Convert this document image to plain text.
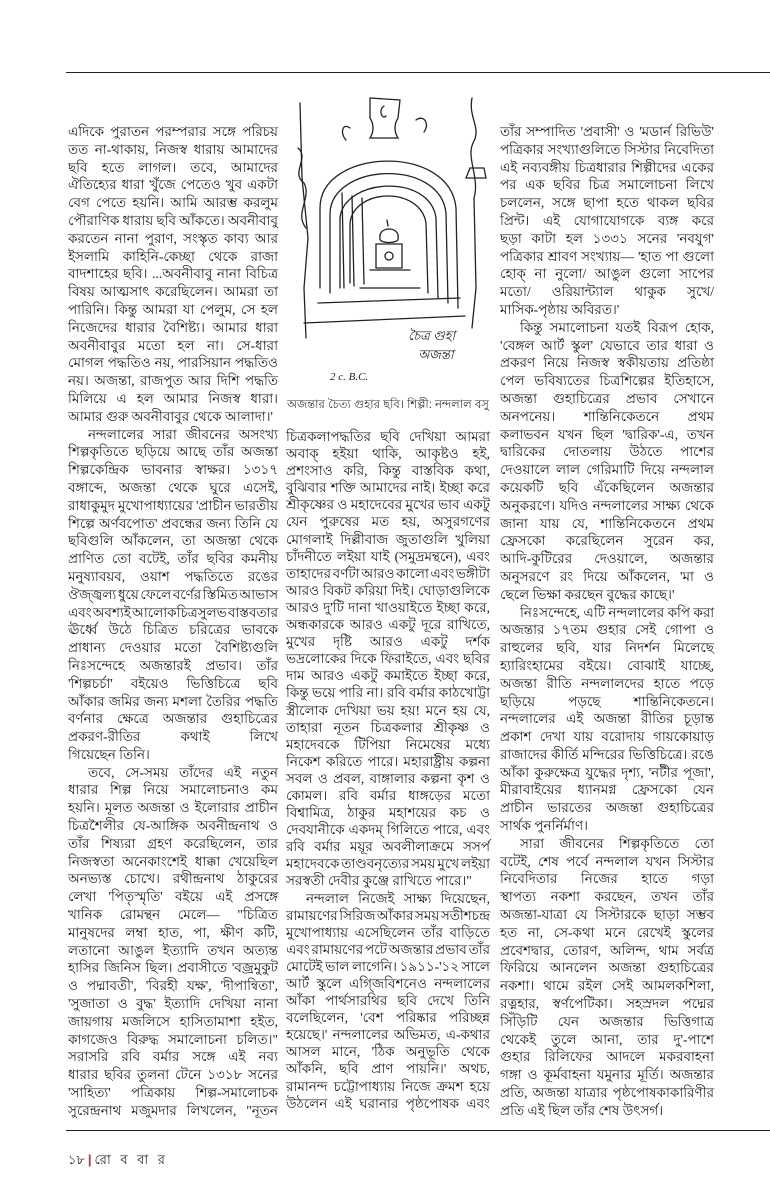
চৈত্র গুহা
অজন্তা
2 c. B.C.
অজন্তার চৈত্য গুহার ছবি। শিল্পী: নন্দলাল বসু
এদিকে পুরাতন পরম্পরার সঙ্গে পরিচয়
তত না-থাকায়, নিজস্ব ধারায় আমাদের
ছবি হতে লাগল। তবে, আমাদের
ঐতিহ্যের ধারা খুঁজে পেতেও খুব একটা
বেগ পেতে হয়নি। আমি আরম্ভ করলুম
পৌরাণিক ধারায় ছবি আঁকতে। অবনীবাবু
করতেন নানা পুরাণ, সংস্কৃত কাব্য আর
ইসলামি কাহিনি-কেচ্ছা থেকে রাজা
বাদশাহের ছবি। ...অবনীবাবু নানা বিচিত্র
বিষয় আত্মসাৎ করেছিলেন। আমরা তা
পারিনি। কিন্তু আমরা যা পেলুম, সে হল
নিজেদের ধারার বৈশিষ্ট্য। আমার ধারা
অবনীবাবুর মতো হল না। সে-ধারা
মোগল পদ্ধতিও নয়, পারসিয়ান পদ্ধতিও
নয়। অজন্তা, রাজপুত আর দিশি পদ্ধতি
মিলিয়ে এ হল আমার নিজস্ব ধারা।
আমার গুরু অবনীবাবুর থেকে আলাদা।'
নন্দলালের সারা জীবনের অসংখ্য
শিল্পকৃতিতে ছড়িয়ে আছে তাঁর অজন্তা
শিল্পকেন্দ্রিক ভাবনার স্বাক্ষর। ১৩১৭
বঙ্গাব্দে, অজন্তা থেকে ঘুরে এসেই,
রাধাকুমুদ মুখোপাধ্যায়ের 'প্রাচীন ভারতীয়
শিল্পে অর্ণবপোত' প্রবন্ধের জন্য তিনি যে
ছবিগুলি আঁকলেন, তা অজন্তা থেকে
প্রাণিত তো বটেই, তাঁর ছবির কমনীয়
মনুষ্যাবয়ব, ওয়াশ পদ্ধতিতে রঙের
ঔজ্জ্বল্য ধুয়ে ফেলে বর্ণের স্তিমিত আভাস
এবং অবশ্যই আলোকচিত্রসুলভ বাস্তবতার
ঊর্ধ্বে উঠে চিত্রিত চরিত্রের ভাবকে
প্রাধান্য দেওয়ার মতো বৈশিষ্ট্যগুলি
নিঃসন্দেহে অজন্তারই প্রভাব। তাঁর
'শিল্পচর্চা' বইয়েও ভিত্তিচিত্রে ছবি
আঁকার জমির জন্য মশলা তৈরির পদ্ধতি
বর্ণনার ক্ষেত্রে অজন্তার গুহাচিত্রের
প্রকরণ-রীতির কথাই লিখে
গিয়েছেন তিনি।
তবে, সে-সময় তাঁদের এই নতুন
ধারার শিল্প নিয়ে সমালোচনাও কম
হয়নি। মূলত অজন্তা ও ইলোরার প্রাচীন
চিত্রশৈলীর যে-আঙ্গিক অবনীন্দ্রনাথ ও
তাঁর শিষ্যরা গ্রহণ করেছিলেন, তার
নিজস্বতা অনেকাংশেই ধাক্কা খেয়েছিল
অনভ্যস্ত চোখে। রথীন্দ্রনাথ ঠাকুরের
লেখা 'পিতৃস্মৃতি' বইয়ে এই প্রসঙ্গে
খানিক রোমন্থন মেলে— "চিত্রিত
মানুষদের লম্বা হাত, পা, ক্ষীণ কটি,
লতানো আঙুল ইত্যাদি তখন অত্যন্ত
হাসির জিনিস ছিল। প্রবাসীতে 'বজ্রমুকুট
ও পদ্মাবতী', 'বিরহী যক্ষ', 'দীপান্বিতা',
'সুজাতা ও বুদ্ধ' ইত্যাদি দেখিয়া নানা
জায়গায় মজলিসে হাসিতামাশা হইত,
কাগজেও বিরুদ্ধ সমালোচনা চলিত।"
সরাসরি রবি বর্মার সঙ্গে এই নব্য
ধারার ছবির তুলনা টেনে ১৩১৮ সনের
'সাহিত্য' পত্রিকায় শিল্প-সমালোচক
সুরেন্দ্রনাথ মজুমদার লিখলেন, "নূতন
চিত্রকলাপদ্ধতির ছবি দেখিয়া আমরা
অবাক্ হইয়া থাকি, আকৃষ্টও হই,
প্রশংসাও করি, কিন্তু বাস্তবিক কথা,
বুঝিবার শক্তি আমাদের নাই। ইচ্ছা করে
শ্রীকৃষ্ণের ও মহাদেবের মুখের ভাব একটু
যেন পুরুষের মত হয়, অসুরগণের
মোগলাই দিল্লীবাজ জুতাগুলি খুলিয়া
চাঁদনীতে লইয়া যাই (সমুদ্রমন্থনে), এবং
তাহাদের বর্ণটা আরও কালো এবং ভঙ্গীটা
আরও বিকট করিয়া দিই। ঘোড়াগুলিকে
আরও দু'টি দানা খাওয়াইতে ইচ্ছা করে,
অন্ধকারকে আরও একটু দূরে রাখিতে,
মুখের দৃষ্টি আরও একটু দর্শক
ভদ্রলোকের দিকে ফিরাইতে, এবং ছবির
দাম আরও একটু কমাইতে ইচ্ছা করে,
কিন্তু ভয়ে পারি না। রবি বর্মার কাঠখোট্টা
স্ত্রীলোক দেখিয়া ভয় হয়! মনে হয় যে,
তাহারা নূতন চিত্রকলার শ্রীকৃষ্ণ ও
মহাদেবকে টিপিয়া নিমেষের মধ্যে
নিকেশ করিতে পারে। মহারাষ্ট্রীয় কল্পনা
সবল ও প্রবল, বাঙ্গালার কল্পনা কৃশ ও
কোমল। রবি বর্মার ধাঙ্গড়ের মতো
বিশ্বামিত্র, ঠাকুর মহাশয়ের কচ ও
দেবযানীকে একদম্ গিলিতে পারে, এবং
রবি বর্মার ময়ূর অবলীলাক্রমে সসর্প
মহাদেবকে তাণ্ডবনৃত্যের সময় মুখে লইয়া
সরস্বতী দেবীর কুঞ্জে রাখিতে পারে।"
নন্দলাল নিজেই সাক্ষ্য দিয়েছেন,
রামায়ণের সিরিজ আঁকার সময় সতীশচন্দ্র
মুখোপাধ্যায় এসেছিলেন তাঁর বাড়িতে
এবং রামায়ণের পটে অজন্তার প্রভাব তাঁর
মোটেই ভাল লাগেনি। ১৯১১-'১২ সালে
আর্ট স্কুলে এগ্জিবিশনেও নন্দলালের
আঁকা পার্থসারথির ছবি দেখে তিনি
বলেছিলেন, 'বেশ পরিষ্কার পরিচ্ছন্ন
হয়েছে।' নন্দলালের অভিমত, এ-কথার
আসল মানে, 'ঠিক অনুভূতি থেকে
আঁকনি, ছবি প্রাণ পায়নি।' অথচ,
রামানন্দ চট্টোপাধ্যায় নিজে ক্রমশ হয়ে
উঠলেন এই ঘরানার পৃষ্ঠপোষক এবং
তাঁর সম্পাদিত 'প্রবাসী' ও 'মডার্ন রিভিউ'
পত্রিকার সংখ্যাগুলিতে সিস্টার নিবেদিতা
এই নব্যবঙ্গীয় চিত্রধারার শিল্পীদের একের
পর এক ছবির চিত্র সমালোচনা লিখে
চললেন, সঙ্গে ছাপা হতে থাকল ছবির
প্রিন্ট। এই যোগাযোগকে ব্যঙ্গ করে
ছড়া কাটা হল ১৩৩১ সনের 'নবযুগ'
পত্রিকার শ্রাবণ সংখ্যায়— 'হাত পা গুলো
হোক্ না নুলো/ আঙুল গুলো সাপের
মতো/ ওরিয়ান্ট্যাল থাকুক সুখে/
মাসিক-পৃষ্ঠায় অবিরত।'
কিন্তু সমালোচনা যতই বিরূপ হোক,
'বেঙ্গল আর্ট স্কুল' যেভাবে তার ধারা ও
প্রকরণ নিয়ে নিজস্ব স্বকীয়তায় প্রতিষ্ঠা
পেল ভবিষ্যতের চিত্রশিল্পের ইতিহাসে,
অজন্তা গুহাচিত্রের প্রভাব সেখানে
অনপনেয়। শান্তিনিকেতনে প্রথম
কলাভবন যখন ছিল 'দ্বারিক'-এ, তখন
দ্বারিকের দোতলায় উঠতে পাশের
দেওয়ালে লাল গেরিমাটি দিয়ে নন্দলাল
কয়েকটি ছবি এঁকেছিলেন অজন্তার
অনুকরণে। যদিও নন্দলালের সাক্ষ্য থেকে
জানা যায় যে, শান্তিনিকেতনে প্রথম
ফ্রেসকো করেছিলেন সুরেন কর,
আদি-কুটিরের দেওয়ালে, অজন্তার
অনুসরণে রং দিয়ে আঁকলেন, 'মা ও
ছেলে ভিক্ষা করছেন বুদ্ধের কাছে।'
নিঃসন্দেহে, এটি নন্দলালের কপি করা
অজন্তার ১৭তম গুহার সেই গোপা ও
রাহুলের ছবি, যার নিদর্শন মিলেছে
হ্যারিংহামের বইয়ে। বোঝাই যাচ্ছে,
অজন্তা রীতি নন্দলালদের হাতে পড়ে
ছড়িয়ে পড়ছে শান্তিনিকেতনে।
নন্দলালের এই অজন্তা রীতির চূড়ান্ত
প্রকাশ দেখা যায় বরোদায় গায়কোয়াড়
রাজাদের কীর্তি মন্দিরের ভিত্তিচিত্রে। রঙে
আঁকা কুরুক্ষেত্র যুদ্ধের দৃশ্য, 'নটীর পূজা',
মীরাবাইয়ের ধ্যানমগ্ন ফ্রেসকো যেন
প্রাচীন ভারতের অজন্তা গুহাচিত্রের
সার্থক পুনর্নির্মাণ।
সারা জীবনের শিল্পকৃতিতে তো
বটেই, শেষ পর্বে নন্দলাল যখন সিস্টার
নিবেদিতার নিজের হাতে গড়া
স্থাপত্য নকশা করছেন, তখন তাঁর
অজন্তা-যাত্রা যে সিস্টারকে ছাড়া সম্ভব
হত না, সে-কথা মনে রেখেই স্কুলের
প্রবেশদ্বার, তোরণ, অলিন্দ, থাম সর্বত্র
ফিরিয়ে আনলেন অজন্তা গুহাচিত্রের
নকশা। থামে রইল সেই আমলকশিলা,
রত্নহার, স্বর্ণপেটিকা। সহস্রদল পদ্মের
সিঁড়িটি যেন অজন্তার ভিত্তিগাত্র
থেকেই তুলে আনা, তার দু'-পাশে
গুহার রিলিফের আদলে মকরবাহনা
গঙ্গা ও কূর্মবাহনা যমুনার মূর্তি। অজন্তার
প্রতি, অজন্তা যাত্রার পৃষ্ঠপোষকাকারিণীর
প্রতি এই ছিল তাঁর শেষ উৎসর্গ।
১৮ | রো ব বা র
